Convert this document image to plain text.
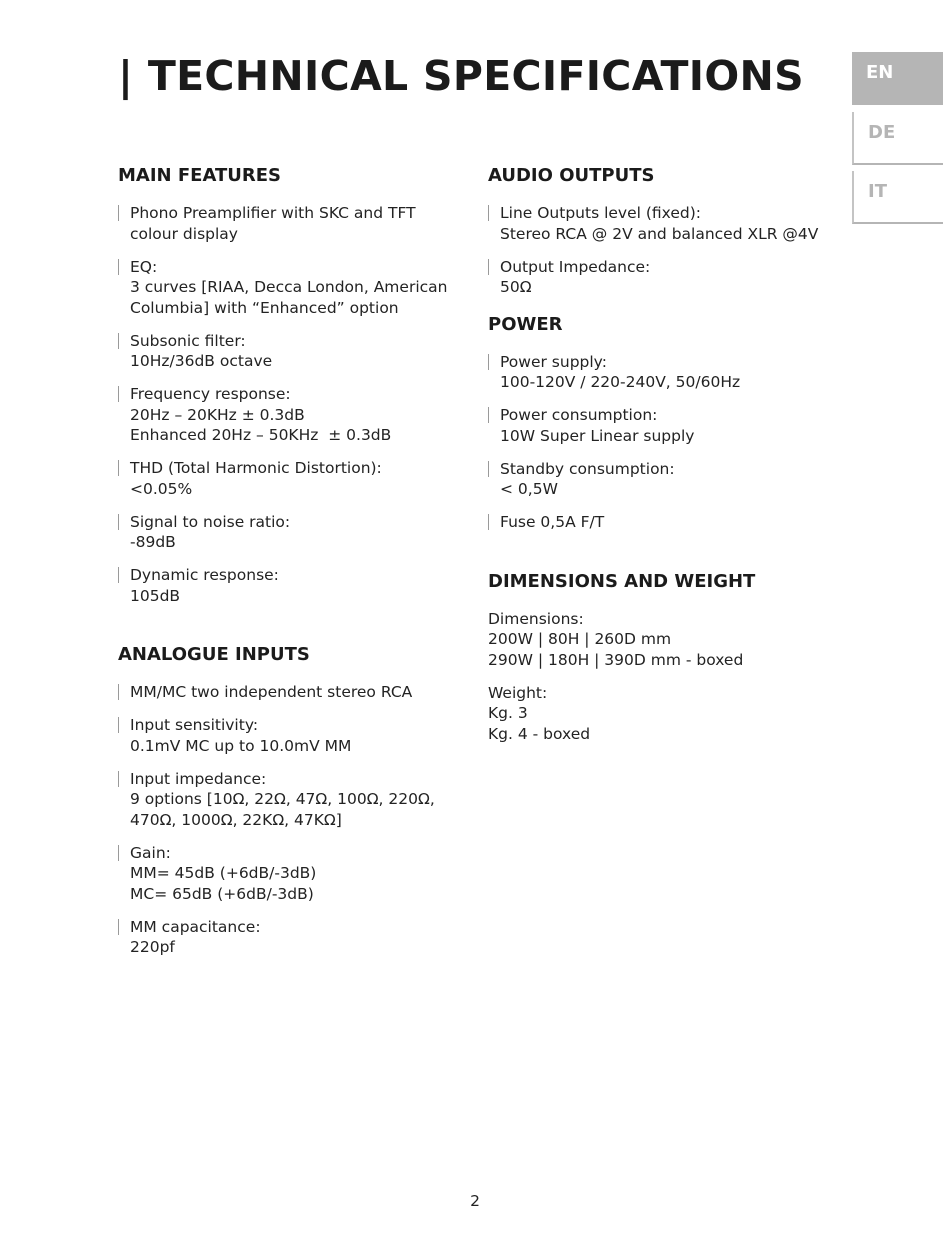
| TECHNICAL SPECIFICATIONS	EN
DE
IT
MAIN FEATURES
Phono Preamplifier with SKC and TFT
colour display
EQ:
3 curves [RIAA, Decca London, American
Columbia] with “Enhanced” option
Subsonic filter:
10Hz/36dB octave
Frequency response:
20Hz – 20KHz ± 0.3dB
Enhanced 20Hz – 50KHz  ± 0.3dB
THD (Total Harmonic Distortion):
<0.05%
Signal to noise ratio:
-89dB
Dynamic response:
105dB
ANALOGUE INPUTS
MM/MC two independent stereo RCA
Input sensitivity:
0.1mV MC up to 10.0mV MM
Input impedance:
9 options [10Ω, 22Ω, 47Ω, 100Ω, 220Ω,
470Ω, 1000Ω, 22KΩ, 47KΩ]
Gain:
MM= 45dB (+6dB/-3dB)
MC= 65dB (+6dB/-3dB)
MM capacitance:
220pf
AUDIO OUTPUTS
Line Outputs level (fixed):
Stereo RCA @ 2V and balanced XLR @4V
Output Impedance:
50Ω
POWER
Power supply:
100-120V / 220-240V, 50/60Hz
Power consumption:
10W Super Linear supply
Standby consumption:
< 0,5W
Fuse 0,5A F/T
DIMENSIONS AND WEIGHT
Dimensions:
200W | 80H | 260D mm
290W | 180H | 390D mm - boxed
Weight:
Kg. 3
Kg. 4 - boxed
2
